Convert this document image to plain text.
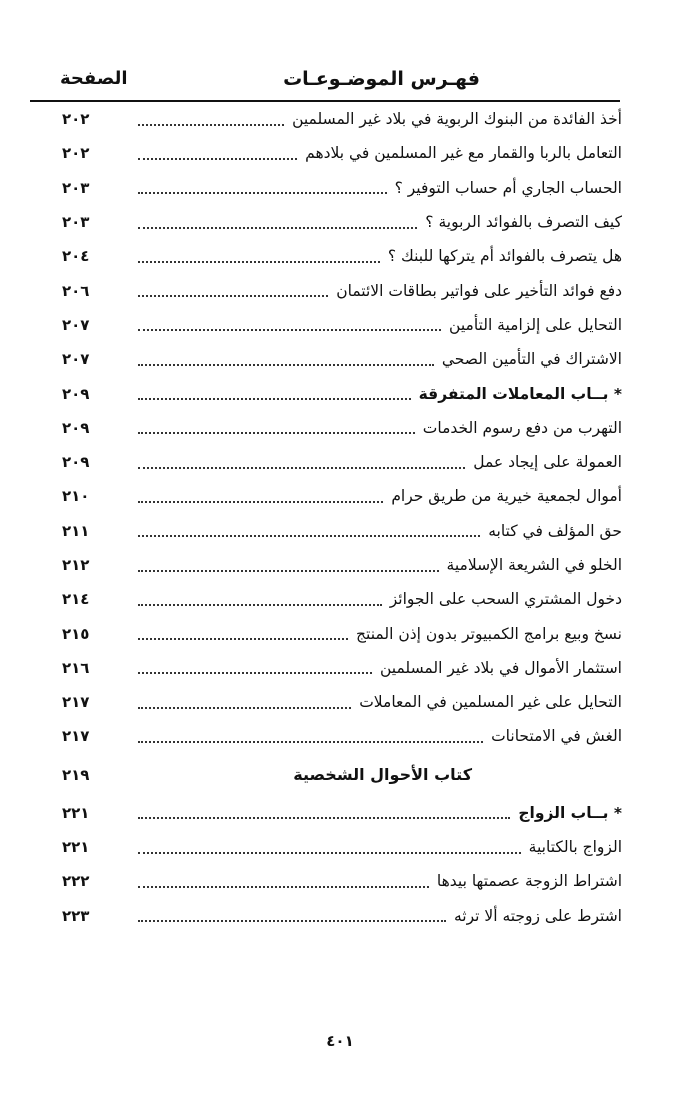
فهـرس الموضـوعـات
الصفحة
أخذ الفائدة من البنوك الربوية في بلاد غير المسلمين
٢٠٢
التعامل بالربا والقمار مع غير المسلمين في بلادهم
٢٠٢
الحساب الجاري أم حساب التوفير ؟
٢٠٣
كيف التصرف بالفوائد الربوية ؟
٢٠٣
هل يتصرف بالفوائد أم يتركها للبنك ؟
٢٠٤
دفع فوائد التأخير على فواتير بطاقات الائتمان
٢٠٦
التحايل على إلزامية التأمين
٢٠٧
الاشتراك في التأمين الصحي
٢٠٧
* بــاب المعاملات المتفرقة
٢٠٩
التهرب من دفع رسوم الخدمات
٢٠٩
العمولة على إيجاد عمل
٢٠٩
أموال لجمعية خيرية من طريق حرام
٢١٠
حق المؤلف في كتابه
٢١١
الخلو في الشريعة الإسلامية
٢١٢
دخول المشتري السحب على الجوائز
٢١٤
نسخ وبيع برامج الكمبيوتر بدون إذن المنتج
٢١٥
استثمار الأموال في بلاد غير المسلمين
٢١٦
التحايل على غير المسلمين في المعاملات
٢١٧
الغش في الامتحانات
٢١٧
كتاب الأحوال الشخصية
٢١٩
* بــاب الزواج
٢٢١
الزواج بالكتابية
٢٢١
اشتراط الزوجة عصمتها بيدها
٢٢٢
اشترط على زوجته ألا ترثه
٢٢٣
٤٠١
